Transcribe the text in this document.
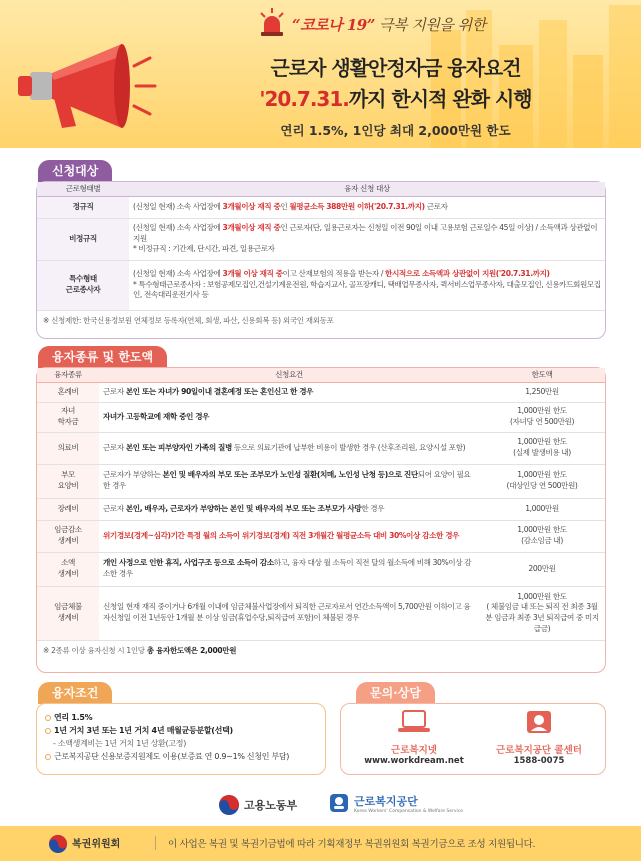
“코로나 19” 극복 지원을 위한
근로자 생활안정자금 융자요건
'20.7.31.까지 한시적 완화 시행
연리 1.5%, 1인당 최대 2,000만원 한도
신청대상
근로형태별	융자 신청 대상
정규직	(신청일 현재) 소속 사업장에 3개월이상 재직 중인 월평균소득 388만원 이하('20.7.31.까지) 근로자
비정규직	(신청일 현재) 소속 사업장에 3개월이상 재직 중인 근로자(단, 일용근로자는 신청일 이전 90일 이내 고용보험 근로일수 45일 이상) / 소득액과 상관없이 지원
* 비정규직 : 기간제, 단시간, 파견, 일용근로자
특수형태
근로종사자	(신청일 현재) 소속 사업장에 3개월 이상 재직 중이고 산재보험의 적용을 받는자 / 한시적으로 소득액과 상관없이 지원('20.7.31.까지)
* 특수형태근로종사자 : 보험공제모집인,건설기계운전원, 학습지교사, 골프장캐디, 택배업무종사자, 퀵서비스업무종사자, 대출모집인, 신용카드회원모집인, 전속대리운전기사 등
※ 신청제한: 한국신용정보원 연체정보 등록자(연체, 회생, 파산, 신용회복 등) 외국인 재외동포
융자종류 및 한도액
융자종류	신청요건	한도액
혼례비	근로자 본인 또는 자녀가 90일이내 결혼예정 또는 혼인신고 한 경우	1,250만원
자녀
학자금	자녀가 고등학교에 재학 중인 경우	1,000만원 한도
(자녀당 연 500만원)
의료비	근로자 본인 또는 피부양자인 가족의 질병 등으로 의료기관에 납부한 비용이 발생한 경우 (산후조리원, 요양시설 포함)	1,000만원 한도
(실제 발생비용 내)
부모
요양비	근로자가 부양하는 본인 및 배우자의 부모 또는 조부모가 노인성 질환(치매, 노인성 난청 등)으로 진단되어 요양이 필요한 경우	1,000만원 한도
(대상인당 연 500만원)
장례비	근로자 본인, 배우자, 근로자가 부양하는 본인 및 배우자의 부모 또는 조부모가 사망한 경우	1,000만원
임금감소
생계비	위기경보(경계~심각)기간 특정 월의 소득이 위기경보(경계) 직전 3개월간 월평균소득 대비 30%이상 감소한 경우	1,000만원 한도
(감소임금 내)
소액
생계비	개인 사정으로 인한 휴직, 사업구조 등으로 소득이 감소하고, 융자 대상 월 소득이 직전 달의 월소득에 비해 30%이상 감소한 경우	200만원
임금체불
생계비	신청일 현재 재직 중이거나 6개월 이내에 임금체불사업장에서 퇴직한 근로자로서 연간소득액이 5,700만원 이하이고 융자신청일 이전 1년동안 1개월 분 이상 임금(휴업수당,퇴직급여 포함)이 체불된 경우	1,000만원 한도
( 체불임금 내 또는 퇴직 전 최종 3월분 임금과 최종 3년 퇴직급여 중 미지급금)
※ 2종류 이상 융자신청 시 1인당 총 융자한도액은 2,000만원
융자조건
연리 1.5%
1년 거치 3년 또는 1년 거치 4년 매월균등분할(선택)
- 소액생계비는 1년 거치 1년 상환(고정)
근로복지공단 신용보증지원제도 이용(보증료 연 0.9~1% 신청인 부담)
문의·상담
근로복지넷
www.workdream.net
근로복지공단 콜센터
1588-0075
고용노동부	근로복지공단
Korea Workers' Compensation & Welfare Service
복권위원회	이 사업은 복권 및 복권기금법에 따라 기획재정부 복권위원회 복권기금으로 조성 지원됩니다.
